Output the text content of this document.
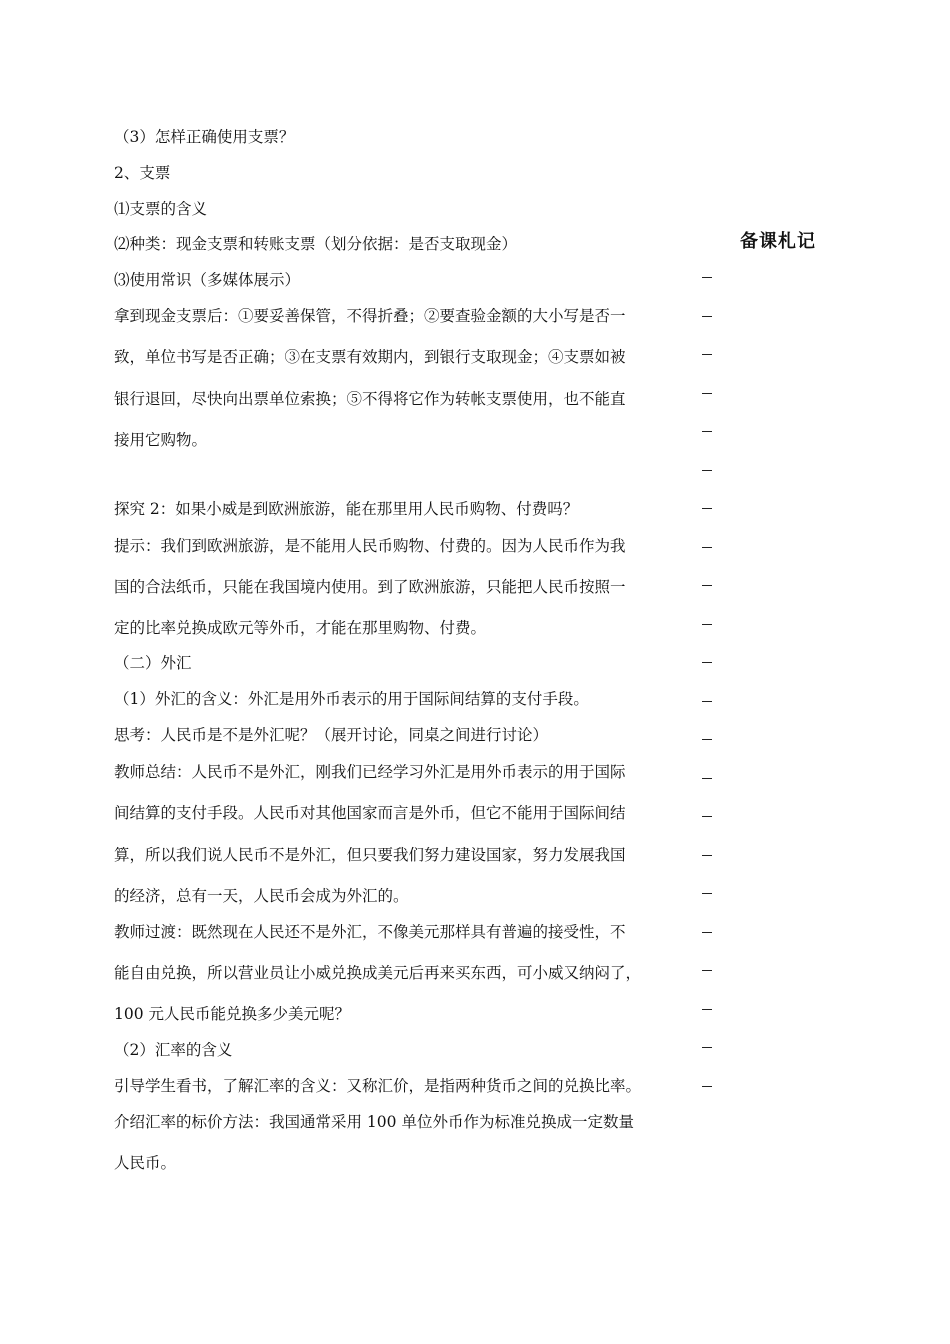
（3）怎样正确使用支票？
2、支票
⑴支票的含义
⑵种类：现金支票和转账支票（划分依据：是否支取现金）
⑶使用常识（多媒体展示）
拿到现金支票后：①要妥善保管，不得折叠；②要查验金额的大小写是否一
致，单位书写是否正确；③在支票有效期内，到银行支取现金；④支票如被
银行退回，尽快向出票单位索换；⑤不得将它作为转帐支票使用，也不能直
接用它购物。
探究 2：如果小威是到欧洲旅游，能在那里用人民币购物、付费吗？
提示：我们到欧洲旅游，是不能用人民币购物、付费的。因为人民币作为我
国的合法纸币，只能在我国境内使用。到了欧洲旅游，只能把人民币按照一
定的比率兑换成欧元等外币，才能在那里购物、付费。
（二）外汇
（1）外汇的含义：外汇是用外币表示的用于国际间结算的支付手段。
思考：人民币是不是外汇呢？（展开讨论，同桌之间进行讨论）
教师总结：人民币不是外汇，刚我们已经学习外汇是用外币表示的用于国际
间结算的支付手段。人民币对其他国家而言是外币，但它不能用于国际间结
算，所以我们说人民币不是外汇，但只要我们努力建设国家，努力发展我国
的经济，总有一天，人民币会成为外汇的。
教师过渡：既然现在人民还不是外汇，不像美元那样具有普遍的接受性，不
能自由兑换，所以营业员让小威兑换成美元后再来买东西，可小威又纳闷了，
100 元人民币能兑换多少美元呢？
（2）汇率的含义
引导学生看书，了解汇率的含义：又称汇价，是指两种货币之间的兑换比率。
介绍汇率的标价方法：我国通常采用 100 单位外币作为标准兑换成一定数量
人民币。
备课札记
